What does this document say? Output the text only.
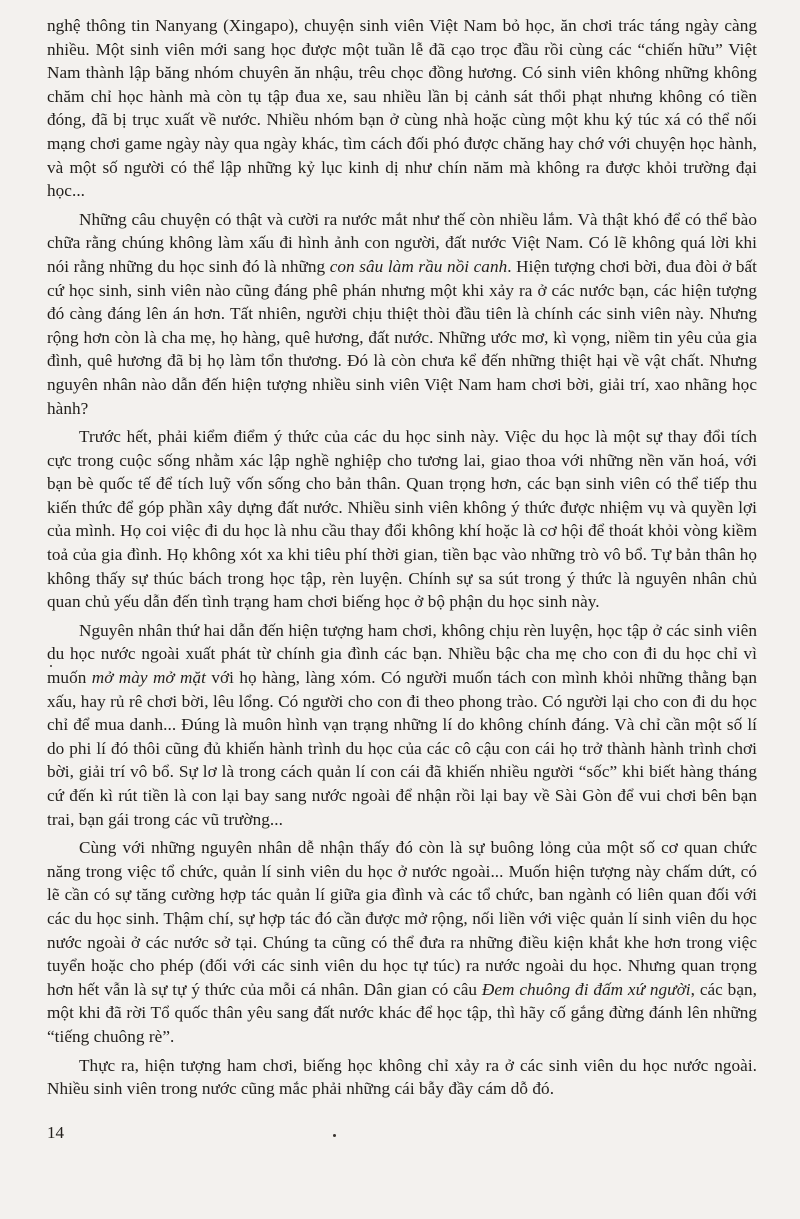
nghệ thông tin Nanyang (Xingapo), chuyện sinh viên Việt Nam bỏ học, ăn chơi trác táng ngày càng nhiều. Một sinh viên mới sang học được một tuần lễ đã cạo trọc đầu rồi cùng các “chiến hữu” Việt Nam thành lập băng nhóm chuyên ăn nhậu, trêu chọc đồng hương. Có sinh viên không những không chăm chỉ học hành mà còn tụ tập đua xe, sau nhiều lần bị cảnh sát thổi phạt nhưng không có tiền đóng, đã bị trục xuất về nước. Nhiều nhóm bạn ở cùng nhà hoặc cùng một khu ký túc xá có thể nối mạng chơi game ngày này qua ngày khác, tìm cách đối phó được chăng hay chớ với chuyện học hành, và một số người có thể lập những kỷ lục kinh dị như chín năm mà không ra được khỏi trường đại học...

Những câu chuyện có thật và cười ra nước mắt như thế còn nhiều lắm. Và thật khó để có thể bào chữa rằng chúng không làm xấu đi hình ảnh con người, đất nước Việt Nam. Có lẽ không quá lời khi nói rằng những du học sinh đó là những con sâu làm rầu nồi canh. Hiện tượng chơi bời, đua đòi ở bất cứ học sinh, sinh viên nào cũng đáng phê phán nhưng một khi xảy ra ở các nước bạn, các hiện tượng đó càng đáng lên án hơn. Tất nhiên, người chịu thiệt thòi đầu tiên là chính các sinh viên này. Nhưng rộng hơn còn là cha mẹ, họ hàng, quê hương, đất nước. Những ước mơ, kì vọng, niềm tin yêu của gia đình, quê hương đã bị họ làm tổn thương. Đó là còn chưa kể đến những thiệt hại về vật chất. Nhưng nguyên nhân nào dẫn đến hiện tượng nhiều sinh viên Việt Nam ham chơi bời, giải trí, xao nhãng học hành?

Trước hết, phải kiểm điểm ý thức của các du học sinh này. Việc du học là một sự thay đổi tích cực trong cuộc sống nhằm xác lập nghề nghiệp cho tương lai, giao thoa với những nền văn hoá, với bạn bè quốc tế để tích luỹ vốn sống cho bản thân. Quan trọng hơn, các bạn sinh viên có thể tiếp thu kiến thức để góp phần xây dựng đất nước. Nhiều sinh viên không ý thức được nhiệm vụ và quyền lợi của mình. Họ coi việc đi du học là nhu cầu thay đổi không khí hoặc là cơ hội để thoát khỏi vòng kiềm toả của gia đình. Họ không xót xa khi tiêu phí thời gian, tiền bạc vào những trò vô bổ. Tự bản thân họ không thấy sự thúc bách trong học tập, rèn luyện. Chính sự sa sút trong ý thức là nguyên nhân chủ quan chủ yếu dẫn đến tình trạng ham chơi biếng học ở bộ phận du học sinh này.

Nguyên nhân thứ hai dẫn đến hiện tượng ham chơi, không chịu rèn luyện, học tập ở các sinh viên du học nước ngoài xuất phát từ chính gia đình các bạn. Nhiều bậc cha mẹ cho con đi du học chỉ vì muốn mở mày mở mặt với họ hàng, làng xóm. Có người muốn tách con mình khỏi những thằng bạn xấu, hay rủ rê chơi bời, lêu lổng. Có người cho con đi theo phong trào. Có người lại cho con đi du học chỉ để mua danh... Đúng là muôn hình vạn trạng những lí do không chính đáng. Và chỉ cần một số lí do phi lí đó thôi cũng đủ khiến hành trình du học của các cô cậu con cái họ trở thành hành trình chơi bời, giải trí vô bổ. Sự lơ là trong cách quản lí con cái đã khiến nhiều người “sốc” khi biết hàng tháng cứ đến kì rút tiền là con lại bay sang nước ngoài để nhận rồi lại bay về Sài Gòn để vui chơi bên bạn trai, bạn gái trong các vũ trường...

Cùng với những nguyên nhân dễ nhận thấy đó còn là sự buông lỏng của một số cơ quan chức năng trong việc tổ chức, quản lí sinh viên du học ở nước ngoài... Muốn hiện tượng này chấm dứt, có lẽ cần có sự tăng cường hợp tác quản lí giữa gia đình và các tổ chức, ban ngành có liên quan đối với các du học sinh. Thậm chí, sự hợp tác đó cần được mở rộng, nối liền với việc quản lí sinh viên du học nước ngoài ở các nước sở tại. Chúng ta cũng có thể đưa ra những điều kiện khắt khe hơn trong việc tuyển hoặc cho phép (đối với các sinh viên du học tự túc) ra nước ngoài du học. Nhưng quan trọng hơn hết vẫn là sự tự ý thức của mỗi cá nhân. Dân gian có câu Đem chuông đi đấm xứ người, các bạn, một khi đã rời Tổ quốc thân yêu sang đất nước khác để học tập, thì hãy cố gắng đừng đánh lên những “tiếng chuông rè”.

Thực ra, hiện tượng ham chơi, biếng học không chỉ xảy ra ở các sinh viên du học nước ngoài. Nhiều sinh viên trong nước cũng mắc phải những cái bẫy đầy cám dỗ đó.

14
